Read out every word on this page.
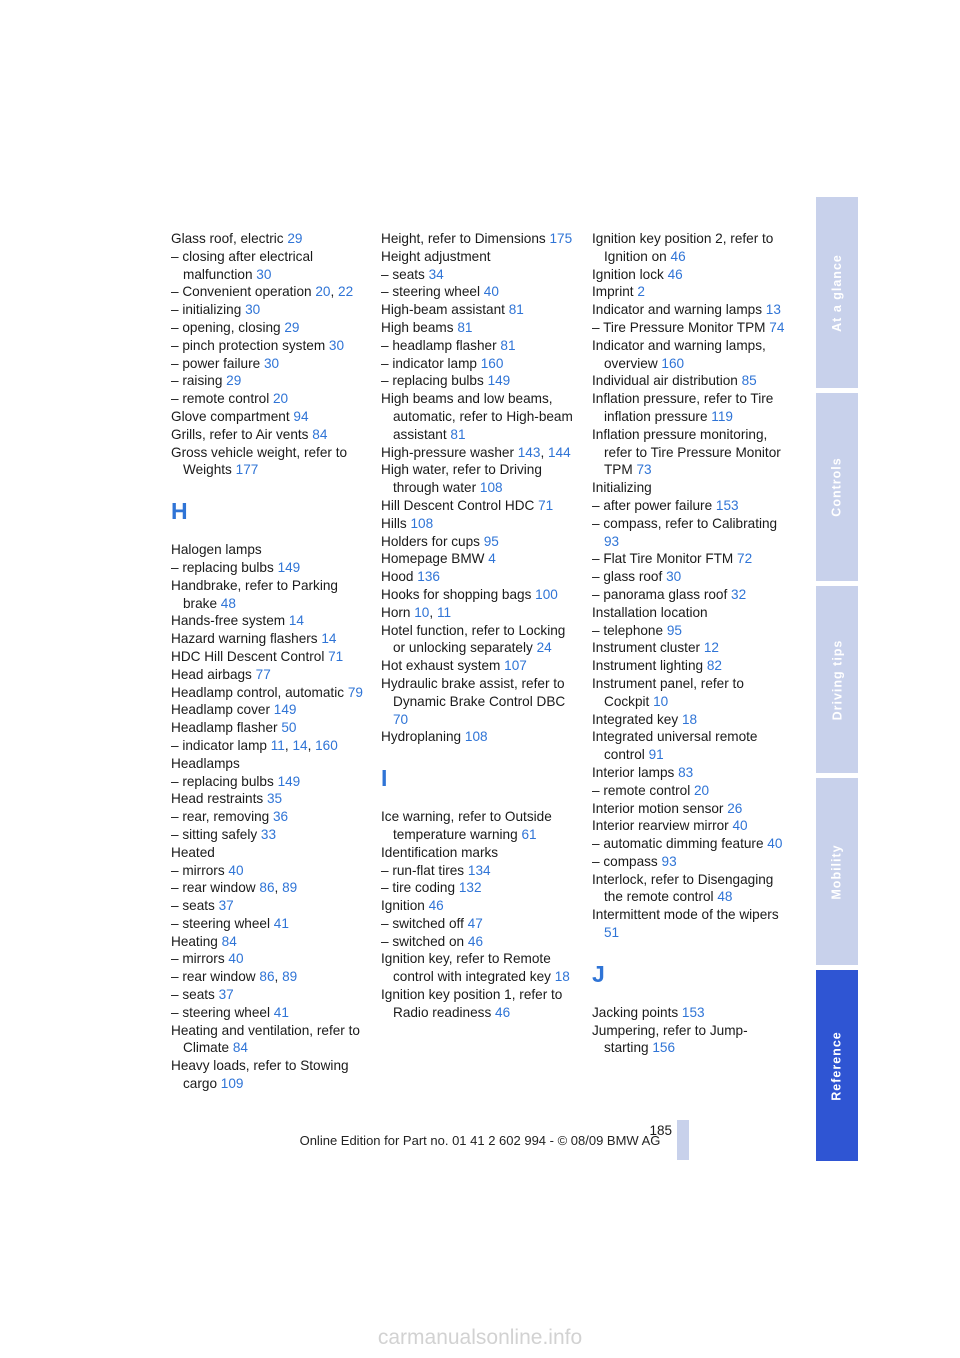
Glass roof, electric 29
– closing after electrical malfunction 30
– Convenient operation 20, 22
– initializing 30
– opening, closing 29
– pinch protection system 30
– power failure 30
– raising 29
– remote control 20
Glove compartment 94
Grills, refer to Air vents 84
Gross vehicle weight, refer to Weights 177
H
Halogen lamps
– replacing bulbs 149
Handbrake, refer to Parking brake 48
Hands-free system 14
Hazard warning flashers 14
HDC Hill Descent Control 71
Head airbags 77
Headlamp control, automatic 79
Headlamp cover 149
Headlamp flasher 50
– indicator lamp 11, 14, 160
Headlamps
– replacing bulbs 149
Head restraints 35
– rear, removing 36
– sitting safely 33
Heated
– mirrors 40
– rear window 86, 89
– seats 37
– steering wheel 41
Heating 84
– mirrors 40
– rear window 86, 89
– seats 37
– steering wheel 41
Heating and ventilation, refer to Climate 84
Heavy loads, refer to Stowing cargo 109
Height, refer to Dimensions 175
Height adjustment
– seats 34
– steering wheel 40
High-beam assistant 81
High beams 81
– headlamp flasher 81
– indicator lamp 160
– replacing bulbs 149
High beams and low beams, automatic, refer to High-beam assistant 81
High-pressure washer 143, 144
High water, refer to Driving through water 108
Hill Descent Control HDC 71
Hills 108
Holders for cups 95
Homepage BMW 4
Hood 136
Hooks for shopping bags 100
Horn 10, 11
Hotel function, refer to Locking or unlocking separately 24
Hot exhaust system 107
Hydraulic brake assist, refer to Dynamic Brake Control DBC 70
Hydroplaning 108
I
Ice warning, refer to Outside temperature warning 61
Identification marks
– run-flat tires 134
– tire coding 132
Ignition 46
– switched off 47
– switched on 46
Ignition key, refer to Remote control with integrated key 18
Ignition key position 1, refer to Radio readiness 46
Ignition key position 2, refer to Ignition on 46
Ignition lock 46
Imprint 2
Indicator and warning lamps 13
– Tire Pressure Monitor TPM 74
Indicator and warning lamps, overview 160
Individual air distribution 85
Inflation pressure, refer to Tire inflation pressure 119
Inflation pressure monitoring, refer to Tire Pressure Monitor TPM 73
Initializing
– after power failure 153
– compass, refer to Calibrating 93
– Flat Tire Monitor FTM 72
– glass roof 30
– panorama glass roof 32
Installation location
– telephone 95
Instrument cluster 12
Instrument lighting 82
Instrument panel, refer to Cockpit 10
Integrated key 18
Integrated universal remote control 91
Interior lamps 83
– remote control 20
Interior motion sensor 26
Interior rearview mirror 40
– automatic dimming feature 40
– compass 93
Interlock, refer to Disengaging the remote control 48
Intermittent mode of the wipers 51
J
Jacking points 153
Jumpering, refer to Jump-starting 156
At a glance
Controls
Driving tips
Mobility
Reference
185
Online Edition for Part no. 01 41 2 602 994 - © 08/09 BMW AG
carmanualsonline.info
